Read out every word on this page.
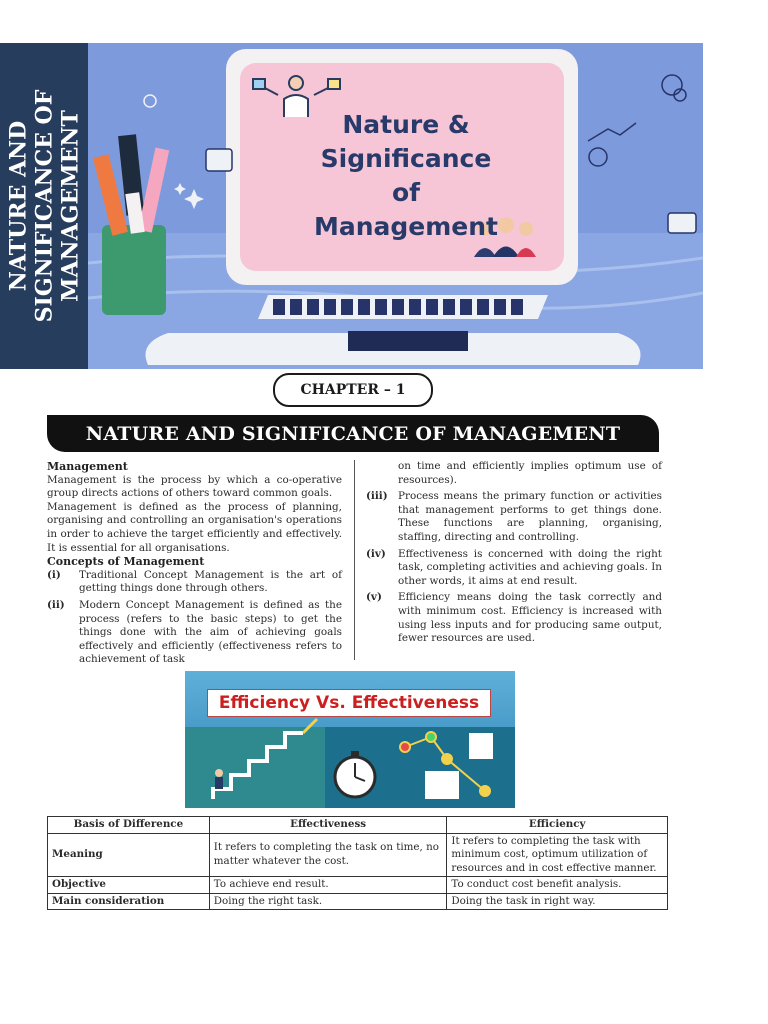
NATURE AND SIGNIFICANCE OF MANAGEMENT	Nature &
Significance of
Management
CHAPTER – 1
NATURE AND SIGNIFICANCE OF MANAGEMENT
Management

Management is the process by which a co-operative group directs actions of others toward common goals.

Management is defined as the process of planning, organising and controlling an organisation's operations in order to achieve the target efficiently and effectively. It is essential for all organisations.

Concepts of Management
(i)	Traditional Concept Management is the art of getting things done through others.
(ii)	Modern Concept Management is defined as the process (refers to the basic steps) to get the things done with the aim of achieving goals effectively and efficiently (effectiveness refers to achievement of task

on time and efficiently implies optimum use of resources).

(iii) Process means the primary function or activities that management performs to get things done. These functions are planning, organising, staffing, directing and controlling.
(iv)	Effectiveness is concerned with doing the right task, completing activities and achieving goals. In other words, it aims at end result.
(v)	Efficiency means doing the task correctly and with minimum cost. Efficiency is increased with using less inputs and for producing same output, fewer resources are used.
Efficiency Vs. Effectiveness
Basis of Difference	Effectiveness	Efficiency
Meaning	It refers to completing the task on time, no matter whatever the cost.	It refers to completing the task with minimum cost, optimum utilization of resources and in cost effective manner.
Objective	To achieve end result.	To conduct cost benefit analysis.
Main consideration	Doing the right task.	Doing the task in right way.
